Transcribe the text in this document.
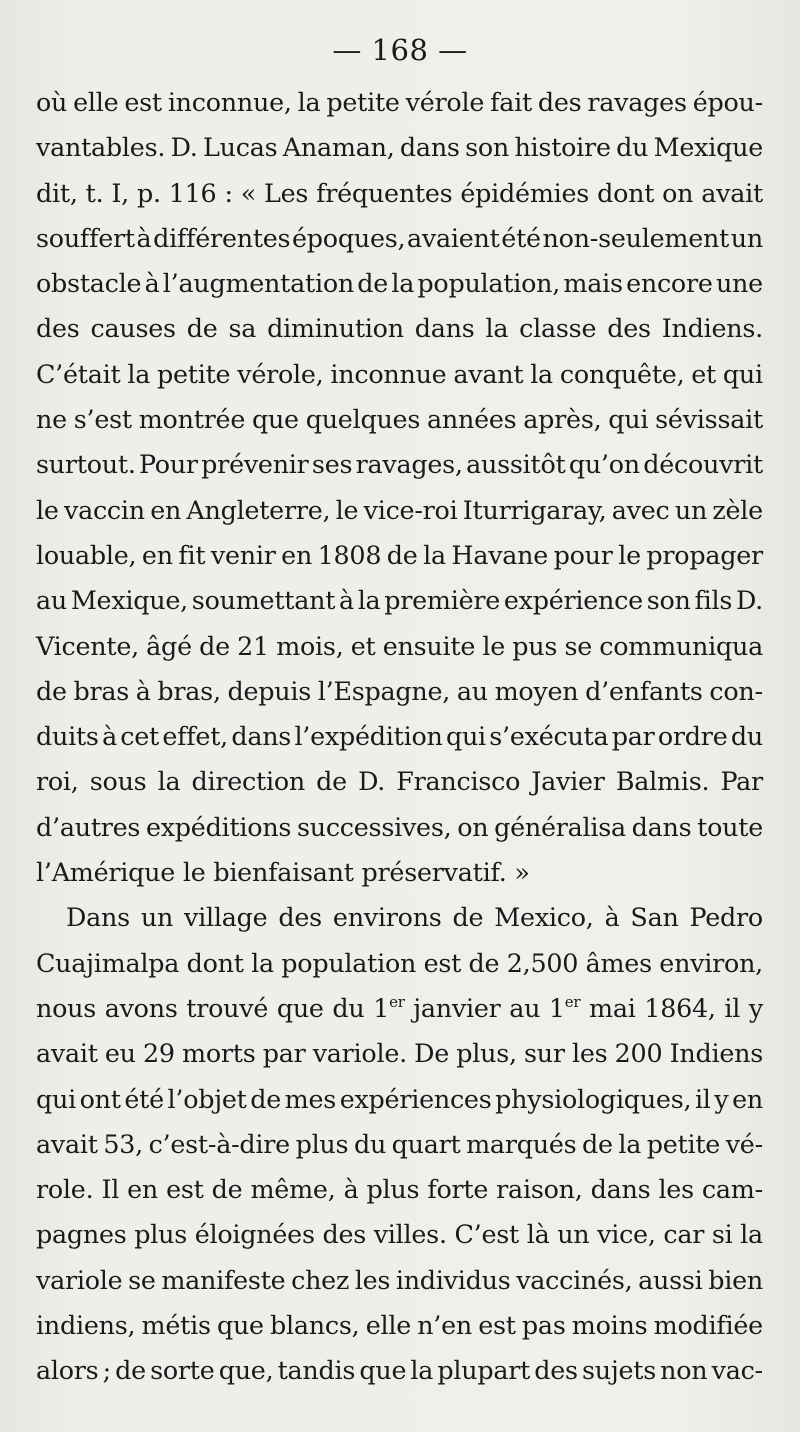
— 168 —
où elle est inconnue, la petite vérole fait des ravages épou-
vantables. D. Lucas Anaman, dans son histoire du Mexique
dit, t. I, p. 116 : « Les fréquentes épidémies dont on avait
souffert à différentes époques, avaient été non-seulement un
obstacle à l’augmentation de la population, mais encore une
des causes de sa diminution dans la classe des Indiens.
C’était la petite vérole, inconnue avant la conquête, et qui
ne s’est montrée que quelques années après, qui sévissait
surtout. Pour prévenir ses ravages, aussitôt qu’on découvrit
le vaccin en Angleterre, le vice-roi Iturrigaray, avec un zèle
louable, en fit venir en 1808 de la Havane pour le propager
au Mexique, soumettant à la première expérience son fils D.
Vicente, âgé de 21 mois, et ensuite le pus se communiqua
de bras à bras, depuis l’Espagne, au moyen d’enfants con-
duits à cet effet, dans l’expédition qui s’exécuta par ordre du
roi, sous la direction de D. Francisco Javier Balmis. Par
d’autres expéditions successives, on généralisa dans toute
l’Amérique le bienfaisant préservatif. »
Dans un village des environs de Mexico, à San Pedro
Cuajimalpa dont la population est de 2,500 âmes environ,
nous avons trouvé que du 1er janvier au 1er mai 1864, il y
avait eu 29 morts par variole. De plus, sur les 200 Indiens
qui ont été l’objet de mes expériences physiologiques, il y en
avait 53, c’est-à-dire plus du quart marqués de la petite vé-
role. Il en est de même, à plus forte raison, dans les cam-
pagnes plus éloignées des villes. C’est là un vice, car si la
variole se manifeste chez les individus vaccinés, aussi bien
indiens, métis que blancs, elle n’en est pas moins modifiée
alors ; de sorte que, tandis que la plupart des sujets non vac-
